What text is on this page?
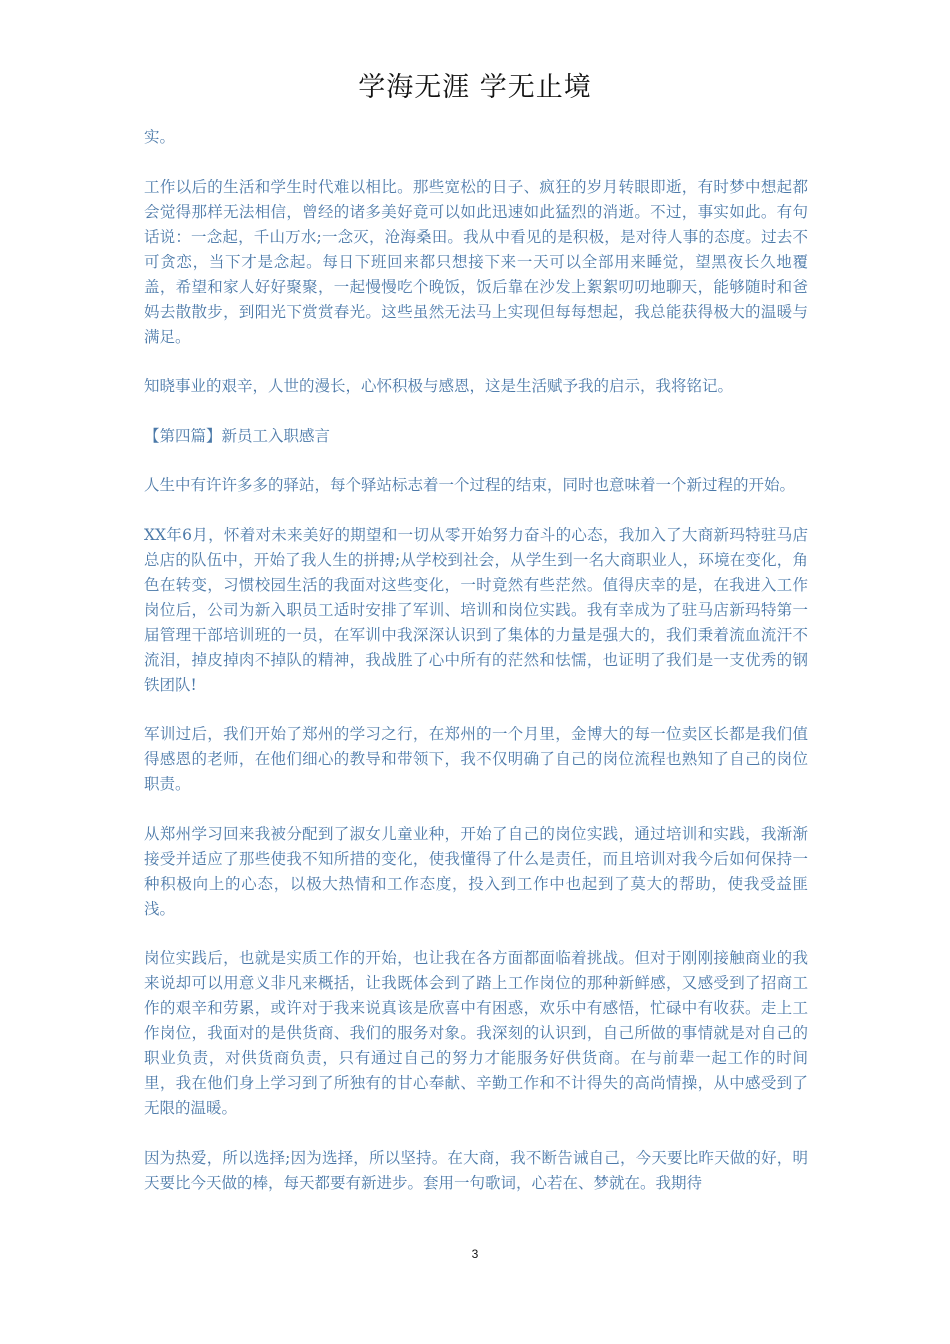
学海无涯 学无止境

实。

工作以后的生活和学生时代难以相比。那些宽松的日子、疯狂的岁月转眼即逝，有时梦中想起都会觉得那样无法相信，曾经的诸多美好竟可以如此迅速如此猛烈的消逝。不过，事实如此。有句话说：一念起，千山万水;一念灭，沧海桑田。我从中看见的是积极，是对待人事的态度。过去不可贪恋，当下才是念起。每日下班回来都只想接下来一天可以全部用来睡觉，望黑夜长久地覆盖，希望和家人好好聚聚，一起慢慢吃个晚饭，饭后靠在沙发上絮絮叨叨地聊天，能够随时和爸妈去散散步，到阳光下赏赏春光。这些虽然无法马上实现但每每想起，我总能获得极大的温暖与满足。

知晓事业的艰辛，人世的漫长，心怀积极与感恩，这是生活赋予我的启示，我将铭记。

【第四篇】新员工入职感言

人生中有许许多多的驿站，每个驿站标志着一个过程的结束，同时也意味着一个新过程的开始。

XX年6月，怀着对未来美好的期望和一切从零开始努力奋斗的心态，我加入了大商新玛特驻马店总店的队伍中，开始了我人生的拼搏;从学校到社会，从学生到一名大商职业人，环境在变化，角色在转变，习惯校园生活的我面对这些变化，一时竟然有些茫然。值得庆幸的是，在我进入工作岗位后，公司为新入职员工适时安排了军训、培训和岗位实践。我有幸成为了驻马店新玛特第一届管理干部培训班的一员，在军训中我深深认识到了集体的力量是强大的，我们秉着流血流汗不流泪，掉皮掉肉不掉队的精神，我战胜了心中所有的茫然和怯懦，也证明了我们是一支优秀的钢铁团队!

军训过后，我们开始了郑州的学习之行，在郑州的一个月里，金博大的每一位卖区长都是我们值得感恩的老师，在他们细心的教导和带领下，我不仅明确了自己的岗位流程也熟知了自己的岗位职责。

从郑州学习回来我被分配到了淑女儿童业种，开始了自己的岗位实践，通过培训和实践，我渐渐接受并适应了那些使我不知所措的变化，使我懂得了什么是责任，而且培训对我今后如何保持一种积极向上的心态，以极大热情和工作态度，投入到工作中也起到了莫大的帮助，使我受益匪浅。

岗位实践后，也就是实质工作的开始，也让我在各方面都面临着挑战。但对于刚刚接触商业的我来说却可以用意义非凡来概括，让我既体会到了踏上工作岗位的那种新鲜感，又感受到了招商工作的艰辛和劳累，或许对于我来说真该是欣喜中有困惑，欢乐中有感悟，忙碌中有收获。走上工作岗位，我面对的是供货商、我们的服务对象。我深刻的认识到，自己所做的事情就是对自己的职业负责，对供货商负责，只有通过自己的努力才能服务好供货商。在与前辈一起工作的时间里，我在他们身上学习到了所独有的甘心奉献、辛勤工作和不计得失的高尚情操，从中感受到了无限的温暖。

因为热爱，所以选择;因为选择，所以坚持。在大商，我不断告诫自己，今天要比昨天做的好，明天要比今天做的棒，每天都要有新进步。套用一句歌词，心若在、梦就在。我期待

3
